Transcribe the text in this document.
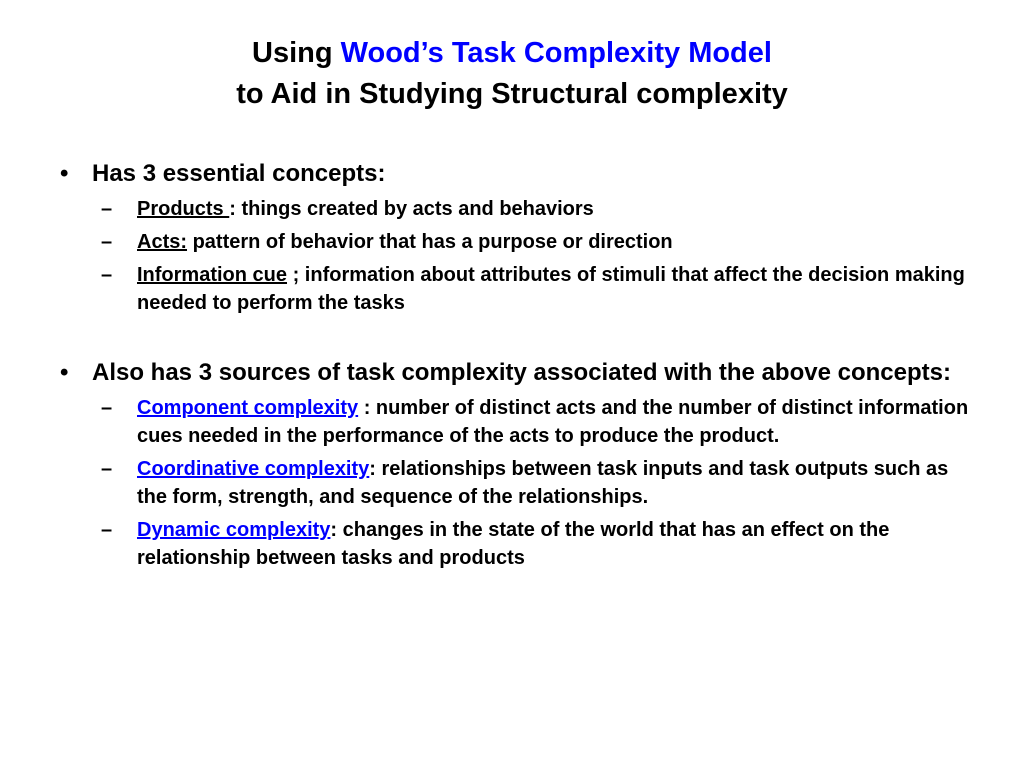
Using Wood’s Task Complexity Model
to Aid in Studying Structural complexity
• Has 3 essential concepts:
– Products : things created by acts and behaviors
– Acts: pattern of behavior that has a purpose or direction
– Information cue ; information about attributes of stimuli that affect the decision making needed to perform the tasks
• Also has 3 sources of task complexity associated with the above concepts:
– Component complexity : number of distinct acts and the number of distinct information cues needed in the performance of the acts to produce the product.
– Coordinative complexity: relationships between task inputs and task outputs such as the form, strength, and sequence of the relationships.
– Dynamic complexity: changes in the state of the world that has an effect on the relationship between tasks and products
